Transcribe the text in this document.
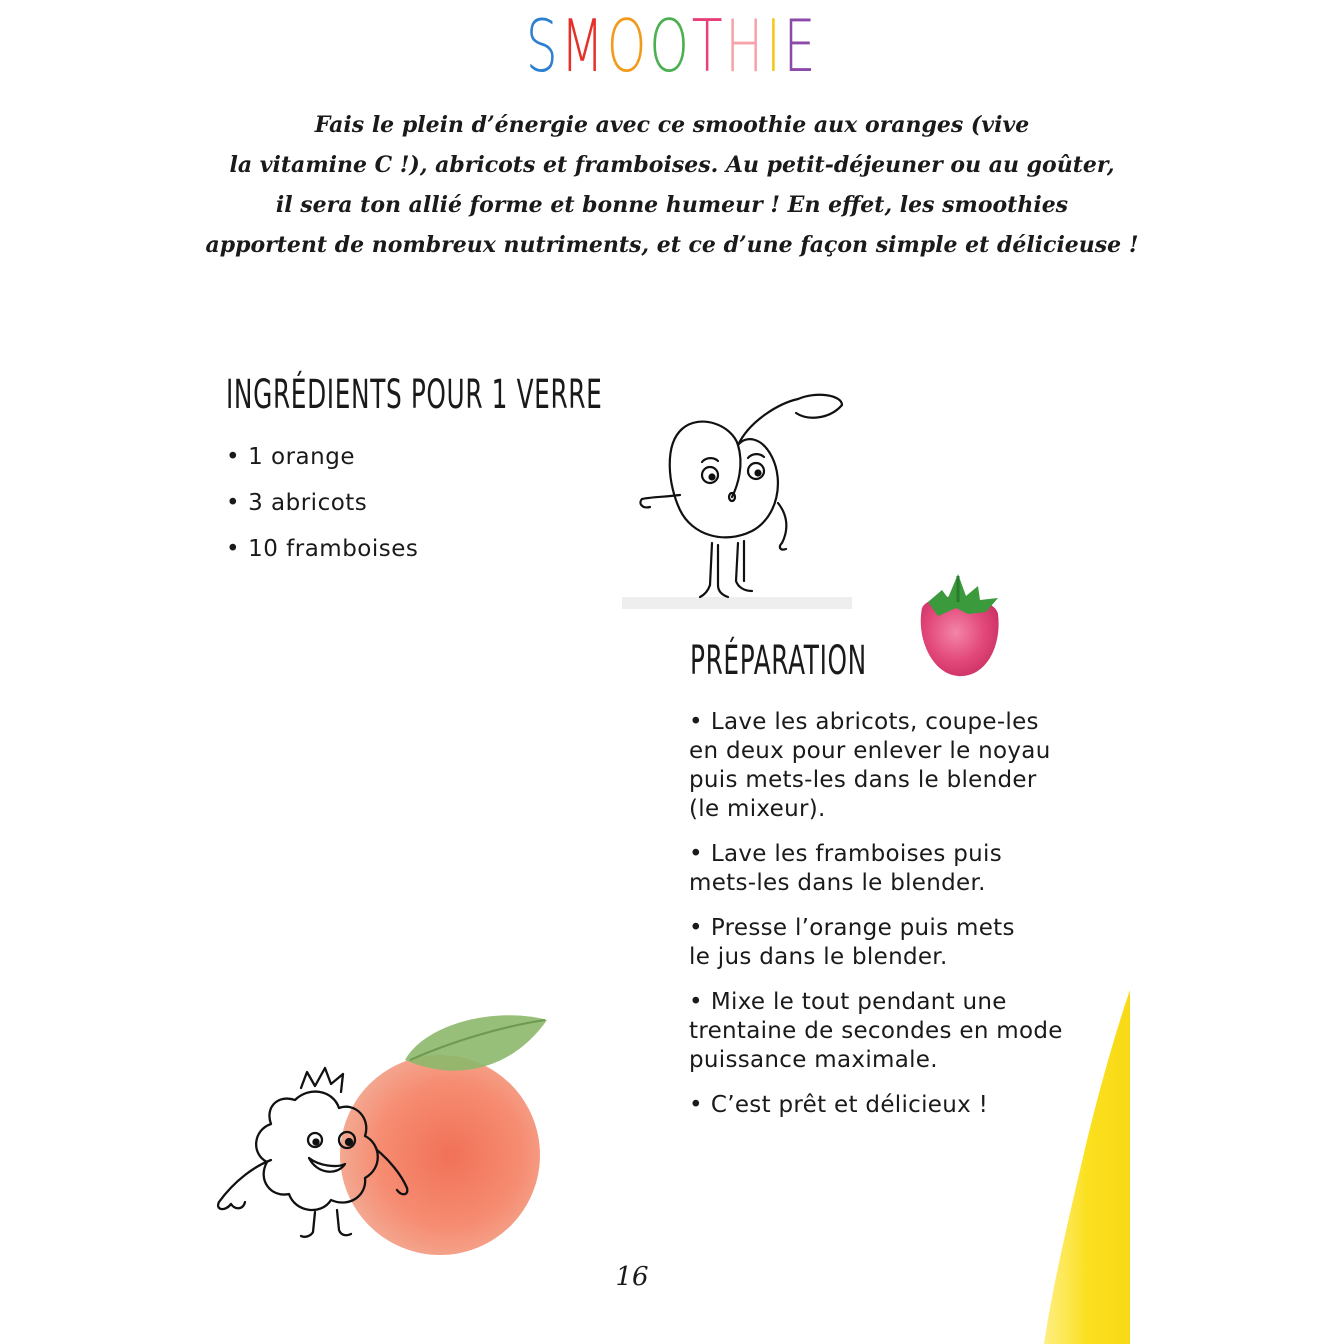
SMOOTHIE
Fais le plein d’énergie avec ce smoothie aux oranges (vive
la vitamine C !), abricots et framboises. Au petit-déjeuner ou au goûter,
il sera ton allié forme et bonne humeur ! En effet, les smoothies
apportent de nombreux nutriments, et ce d’une façon simple et délicieuse !
INGRÉDIENTS POUR 1 VERRE
• 1 orange
• 3 abricots
• 10 framboises
PRÉPARATION
• Lave les abricots, coupe-les
en deux pour enlever le noyau
puis mets-les dans le blender
(le mixeur).
• Lave les framboises puis
mets-les dans le blender.
• Presse l’orange puis mets
le jus dans le blender.
• Mixe le tout pendant une
trentaine de secondes en mode
puissance maximale.
• C’est prêt et délicieux !
16
